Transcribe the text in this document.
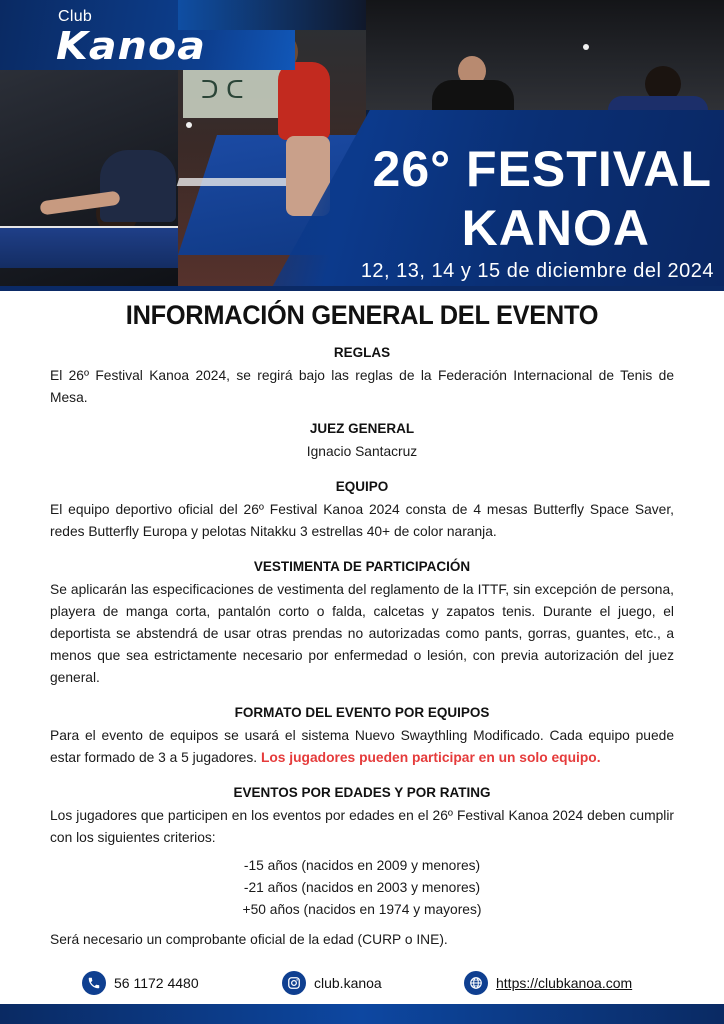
ᑐ ᑕ
Club
Kanoa
26° FESTIVAL
KANOA
12, 13, 14 y 15 de diciembre del 2024
INFORMACIÓN GENERAL DEL EVENTO
REGLAS
El 26º Festival Kanoa 2024, se regirá bajo las reglas de la Federación Internacional de Tenis de Mesa.
JUEZ GENERAL
Ignacio Santacruz
EQUIPO
El equipo deportivo oficial del 26º Festival Kanoa 2024 consta de 4 mesas Butterfly Space Saver, redes Butterfly Europa y pelotas Nitakku 3 estrellas 40+ de color naranja.
VESTIMENTA DE PARTICIPACIÓN
Se aplicarán las especificaciones de vestimenta del reglamento de la ITTF, sin excepción de persona, playera de manga corta, pantalón corto o falda, calcetas y zapatos tenis. Durante el juego, el deportista se abstendrá de usar otras prendas no autorizadas como pants, gorras, guantes, etc., a menos que sea estrictamente necesario por enfermedad o lesión, con previa autorización del juez general.
FORMATO DEL EVENTO POR EQUIPOS

Para el evento de equipos se usará el sistema Nuevo Swaythling Modificado. Cada equipo puede estar formado de 3 a 5 jugadores. Los jugadores pueden participar en un solo equipo.

EVENTOS POR EDADES Y POR RATING
Los jugadores que participen en los eventos por edades en el 26º Festival Kanoa 2024 deben cumplir con los siguientes criterios:
-15 años (nacidos en 2009 y menores)
-21 años (nacidos en 2003 y menores)
+50 años (nacidos en 1974 y mayores)
Será necesario un comprobante oficial de la edad (CURP o INE).
56 1172 4480	club.kanoa	https://clubkanoa.com
